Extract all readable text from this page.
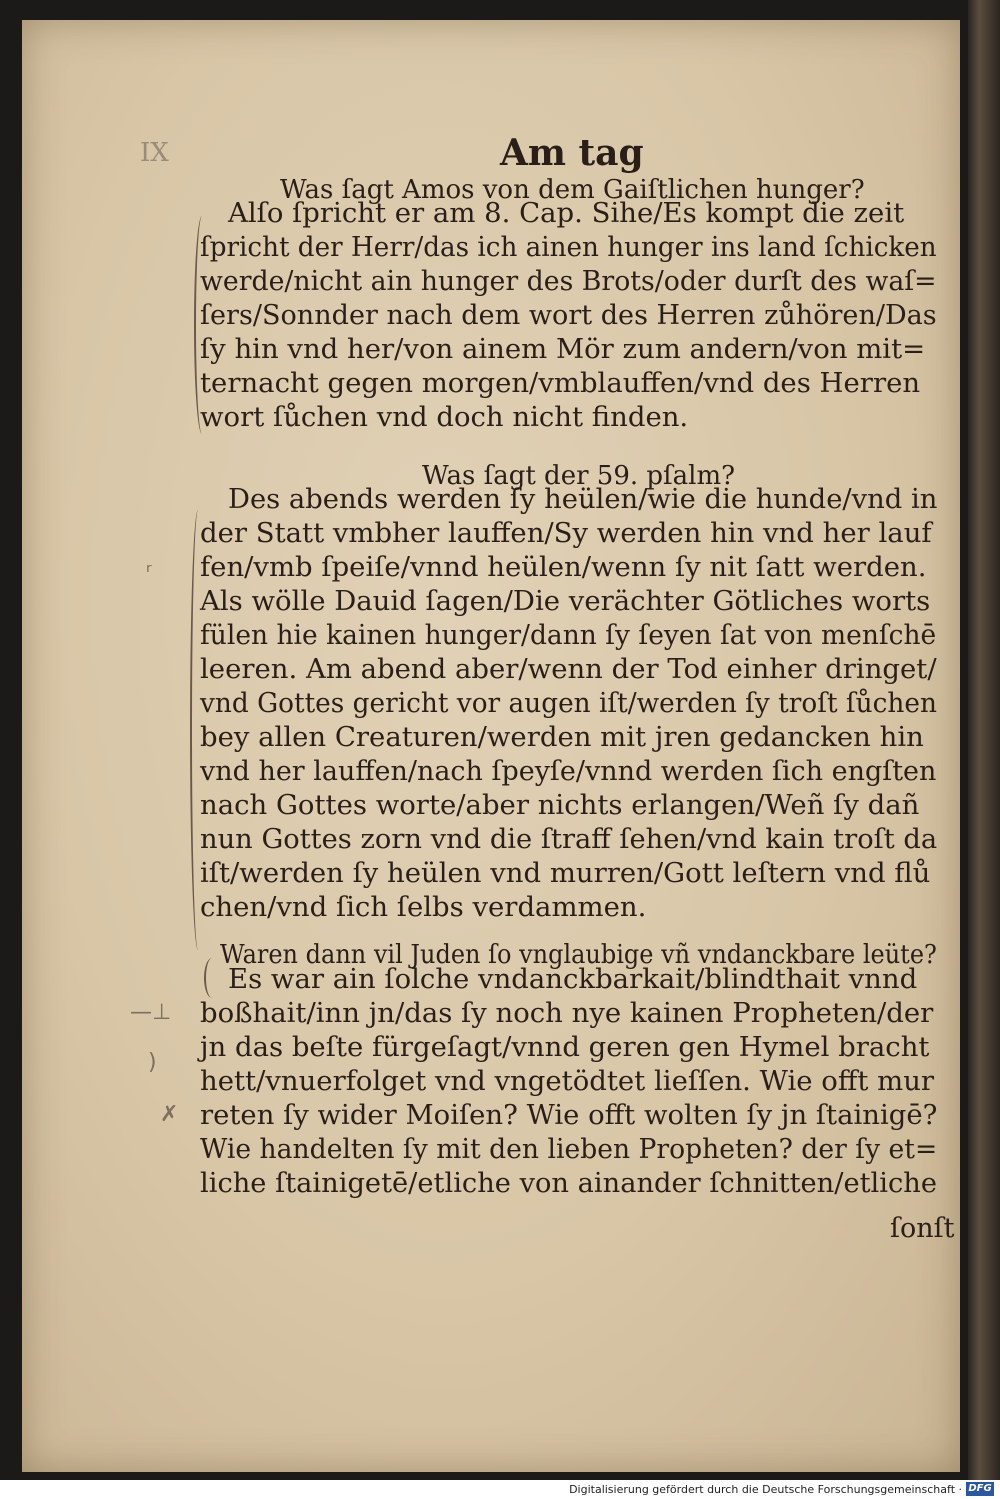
IX	Am tag
Was ſagt Amos von dem Gaiſtlichen hunger?
Alſo ſpricht er am 8. Cap. Sihe/Es kompt die zeit
ſpricht der Herr/das ich ainen hunger ins land ſchicken
werde/nicht ain hunger des Brots/oder durſt des waſ=
ſers/Sonnder nach dem wort des Herren zůhören/Das
ſy hin vnd her/von ainem Mör zum andern/von mit=
ternacht gegen morgen/vmblauffen/vnd des Herren
wort ſůchen vnd doch nicht finden.
Was ſagt der 59. pſalm?
ʳ
Des abends werden ſy heülen/wie die hunde/vnd in
der Statt vmbher lauffen/Sy werden hin vnd her lauf
fen/vmb ſpeiſe/vnnd heülen/wenn ſy nit ſatt werden.
Als wölle Dauid ſagen/Die verächter Götliches worts
fülen hie kainen hunger/dann ſy ſeyen ſat von menſchē
leeren. Am abend aber/wenn der Tod einher dringet/
vnd Gottes gericht vor augen iſt/werden ſy troſt ſůchen
bey allen Creaturen/werden mit jren gedancken hin
vnd her lauffen/nach ſpeyſe/vnnd werden ſich engſten
nach Gottes worte/aber nichts erlangen/Weñ ſy dañ
nun Gottes zorn vnd die ſtraff ſehen/vnd kain troſt da
iſt/werden ſy heülen vnd murren/Gott leſtern vnd flů
chen/vnd ſich ſelbs verdammen.
Waren dann vil Juden ſo vnglaubige vñ vndanckbare leüte?
—⊥
)
✗
Es war ain ſolche vndanckbarkait/blindthait vnnd
boßhait/inn jn/das ſy noch nye kainen Propheten/der
jn das beſte fürgeſagt/vnnd geren gen Hymel bracht
hett/vnuerfolget vnd vngetödtet lieſſen. Wie offt mur
reten ſy wider Moiſen? Wie offt wolten ſy jn ſtainigē?
Wie handelten ſy mit den lieben Propheten? der ſy et=
liche ſtainigetē/etliche von ainander ſchnitten/etliche
ſonſt
Digitalisierung gefördert durch die Deutsche Forschungsgemeinschaft · DFG
